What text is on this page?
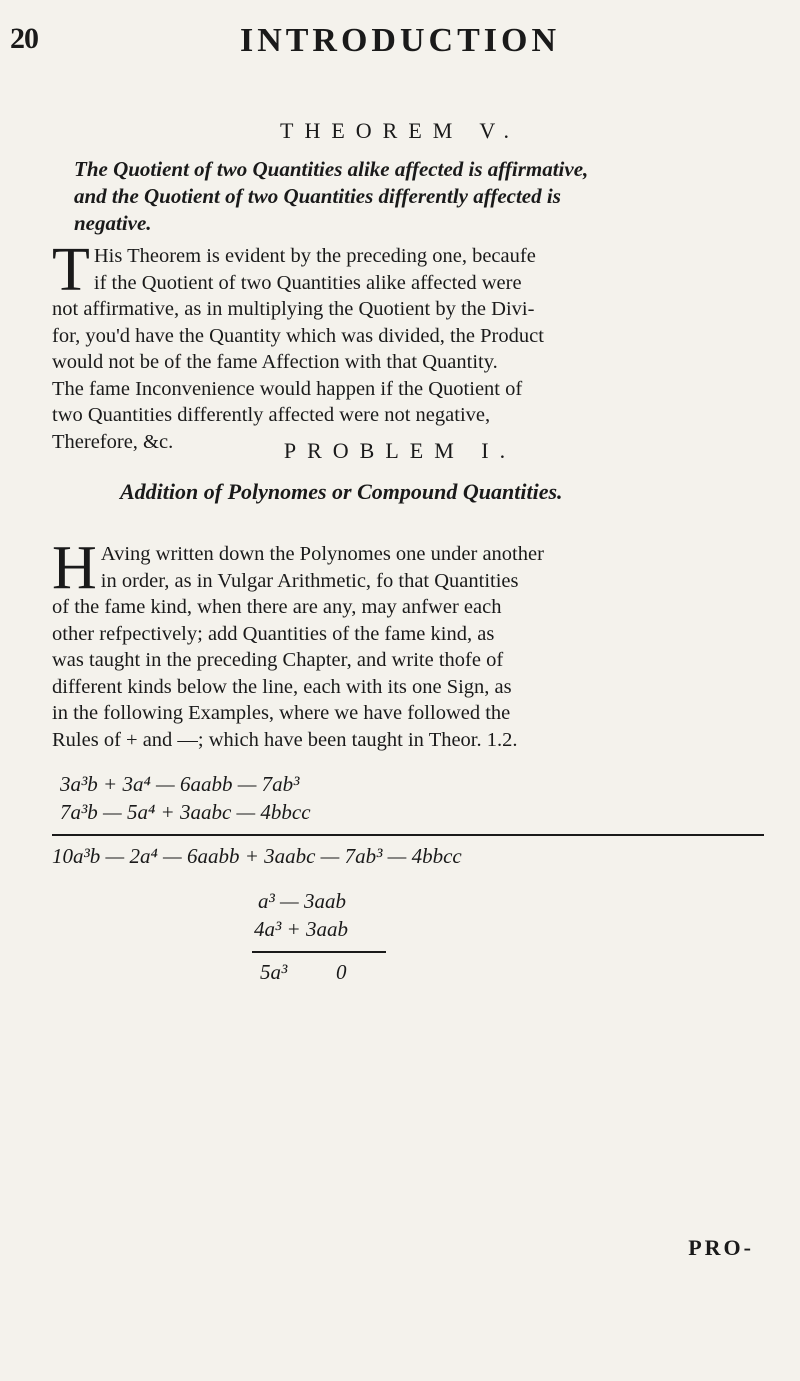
20	INTRODUCTION
THEOREM V.
The Quotient of two Quantities alike affected is affirmative,
and the Quotient of two Quantities differently affected is
negative.
T His Theorem is evident by the preceding one, becaufe
if the Quotient of two Quantities alike affected were
not affirmative, as in multiplying the Quotient by the Divi-
for, you'd have the Quantity which was divided, the Product
would not be of the fame Affection with that Quantity.
The fame Inconvenience would happen if the Quotient of
two Quantities differently affected were not negative,
Therefore, &c.	PROBLEM I.
Addition of Polynomes or Compound Quantities.
H Aving written down the Polynomes one under another
in order, as in Vulgar Arithmetic, fo that Quantities
of the fame kind, when there are any, may anfwer each
other refpectively; add Quantities of the fame kind, as
was taught in the preceding Chapter, and write thofe of
different kinds below the line, each with its one Sign, as
in the following Examples, where we have followed the
Rules of + and —; which have been taught in Theor. 1.2.
3a³b + 3a⁴ — 6aabb — 7ab³
7a³b — 5a⁴ + 3aabc — 4bbcc
10a³b — 2a⁴ — 6aabb + 3aabc — 7ab³ — 4bbcc
a³ — 3aab
4a³ + 3aab
5a³ 0
PRO-
